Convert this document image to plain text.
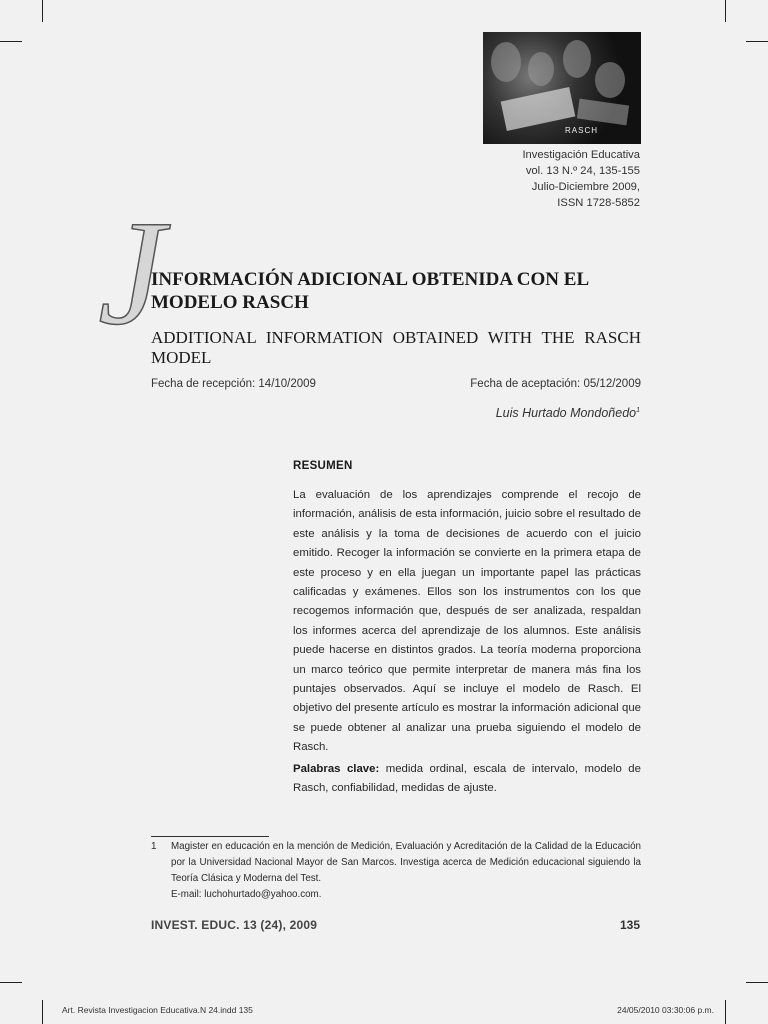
RASCH
Investigación Educativa
vol. 13 N.º 24, 135-155
Julio-Diciembre 2009,
ISSN 1728-5852
J
INFORMACIÓN ADICIONAL OBTENIDA CON EL MODELO RASCH
ADDITIONAL INFORMATION OBTAINED WITH THE RASCH MODEL
Fecha de recepción: 14/10/2009	Fecha de aceptación: 05/12/2009
Luis Hurtado Mondoñedo$^1$
RESUMEN

La evaluación de los aprendizajes comprende el recojo de información, análisis de esta información, juicio sobre el resultado de este análisis y la toma de decisiones de acuerdo con el juicio emitido. Recoger la información se convierte en la primera etapa de este proceso y en ella juegan un importante papel las prácticas calificadas y exámenes. Ellos son los instrumentos con los que recogemos información que, después de ser analizada, respaldan los informes acerca del aprendizaje de los alumnos. Este análisis puede hacerse en distintos grados. La teoría moderna proporciona un marco teórico que permite interpretar de manera más fina los puntajes observados. Aquí se incluye el modelo de Rasch. El objetivo del presente artículo es mostrar la información adicional que se puede obtener al analizar una prueba siguiendo el modelo de Rasch.

Palabras clave: medida ordinal, escala de intervalo, modelo de Rasch, confiabilidad, medidas de ajuste.

1	Magister en educación en la mención de Medición, Evaluación y Acreditación de la Calidad de la Educación por la Universidad Nacional Mayor de San Marcos. Investiga acerca de Medición educacional siguiendo la Teoría Clásica y Moderna del Test.
E-mail: luchohurtado@yahoo.com.
INVEST. EDUC. 13 (24), 2009	135
Art. Revista Investigacion Educativa.N 24.indd 135	24/05/2010 03:30:06 p.m.
